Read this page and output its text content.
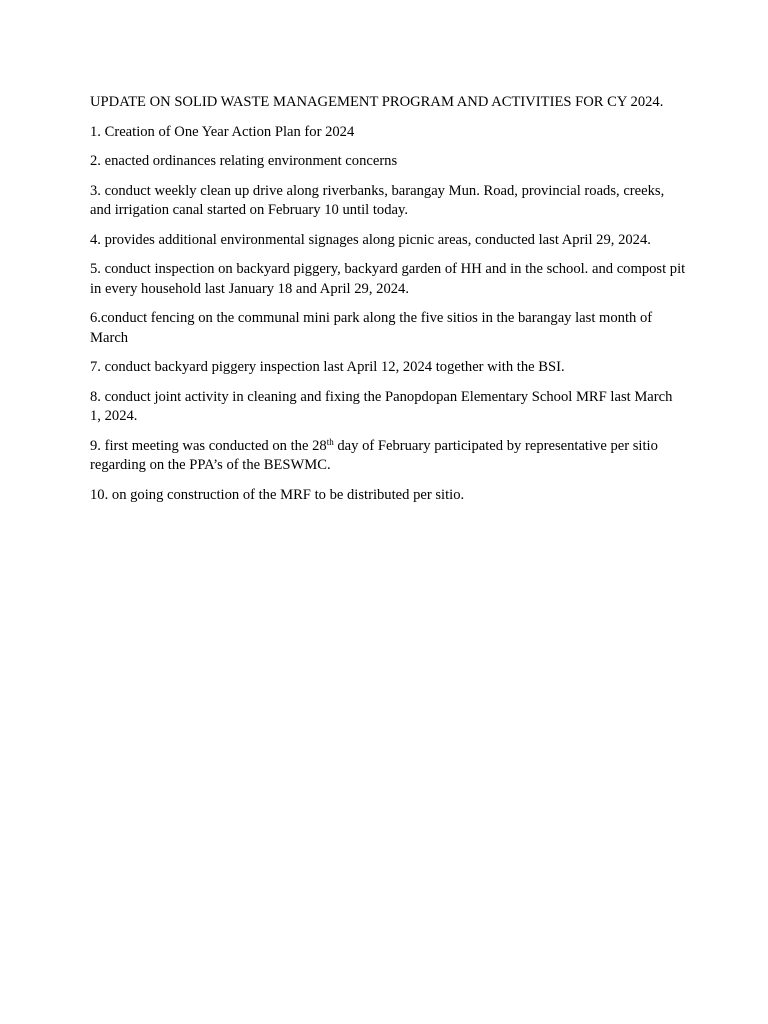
UPDATE ON SOLID WASTE MANAGEMENT PROGRAM AND ACTIVITIES FOR CY 2024.

1. Creation of One Year Action Plan for 2024

2. enacted ordinances relating environment concerns

3. conduct weekly clean up drive along riverbanks, barangay Mun. Road, provincial roads, creeks, and irrigation canal started on February 10 until today.

4. provides additional environmental signages along picnic areas, conducted last April 29, 2024.

5. conduct inspection on backyard piggery, backyard garden of HH and in the school. and compost pit in every household last January 18 and April 29, 2024.

6.conduct fencing on the communal mini park along the five sitios in the barangay last month of March

7. conduct backyard piggery inspection last April 12, 2024 together with the BSI.

8. conduct joint activity in cleaning and fixing the Panopdopan Elementary School MRF last March 1, 2024.

9. first meeting was conducted on the 28th day of February participated by representative per sitio regarding on the PPA’s of the BESWMC.

10. on going construction of the MRF to be distributed per sitio.
